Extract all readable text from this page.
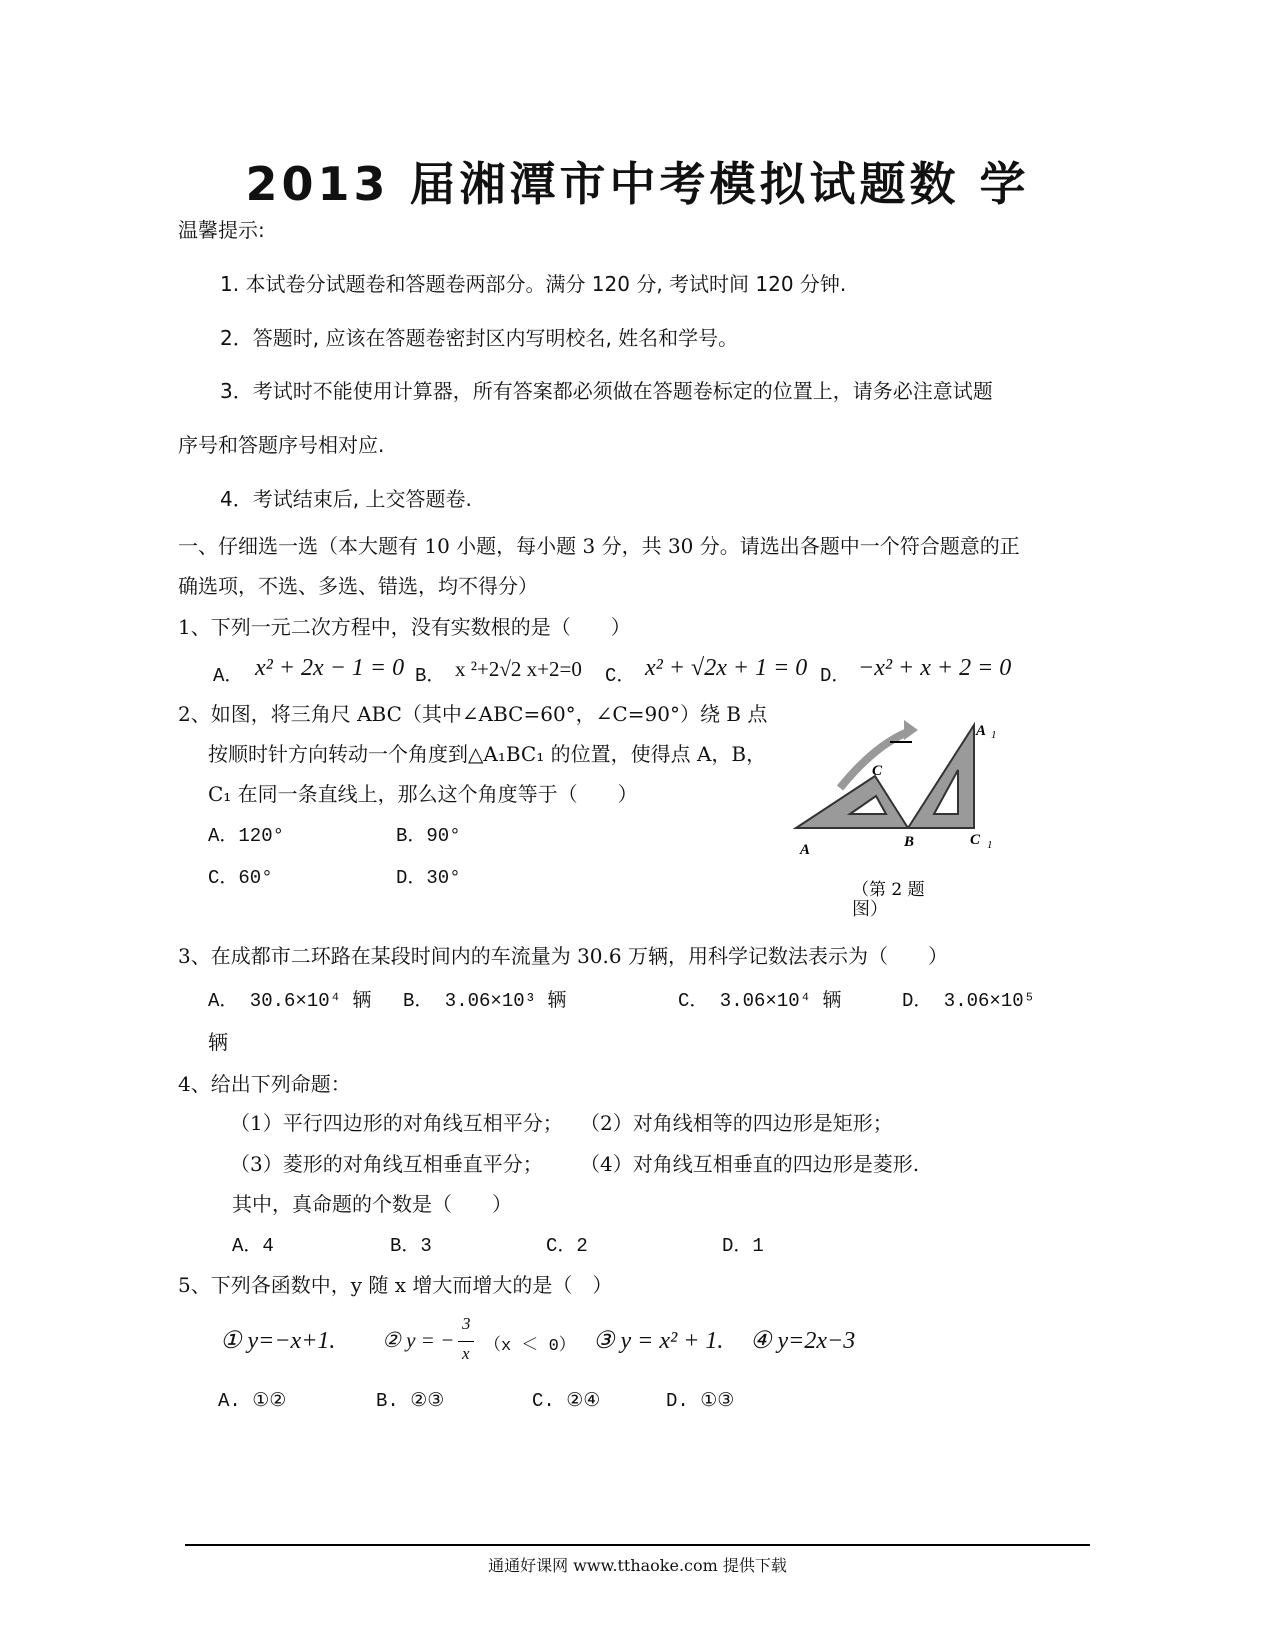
2013 届湘潭市中考模拟试题数 学
温馨提示:
1. 本试卷分试题卷和答题卷两部分。满分 120 分, 考试时间 120 分钟.
2．答题时, 应该在答题卷密封区内写明校名, 姓名和学号。
3．考试时不能使用计算器，所有答案都必须做在答题卷标定的位置上，请务必注意试题
序号和答题序号相对应.
4．考试结束后, 上交答题卷.
一、仔细选一选（本大题有 10 小题，每小题 3 分，共 30 分。请选出各题中一个符合题意的正
确选项，不选、多选、错选，均不得分）
1、下列一元二次方程中，没有实数根的是（　　）
A． x² + 2x − 1 = 0 B． x ²+2√2 x+2=0 C． x² + √2x + 1 = 0 D． −x² + x + 2 = 0
2、如图，将三角尺 ABC（其中∠ABC=60°，∠C=90°）绕 B 点
按顺时针方向转动一个角度到△A₁BC₁ 的位置，使得点 A，B，
C₁ 在同一条直线上，那么这个角度等于（　　）
A．120°	B．90°
C．60°	D．30°
A 1
C
A	B	C 1
（第 2 题
图）
3、在成都市二环路在某段时间内的车流量为 30.6 万辆，用科学记数法表示为（　　）
A． 30.6×10⁴ 辆 B． 3.06×10³ 辆	C． 3.06×10⁴ 辆	D． 3.06×10⁵
辆
4、给出下列命题：
（1）平行四边形的对角线互相平分； （2）对角线相等的四边形是矩形；
（3）菱形的对角线互相垂直平分； （4）对角线互相垂直的四边形是菱形.
其中，真命题的个数是（　　）
A．4	B．3	C．2	D．1
5、下列各函数中，y 随 x 增大而增大的是（　）
① y=−x+1. ② y = −
3
x （x ＜ 0） ③ y = x² + 1. ④ y=2x−3
A. ①②	B. ②③	C. ②④	D. ①③
通通好课网 www.tthaoke.com 提供下载
